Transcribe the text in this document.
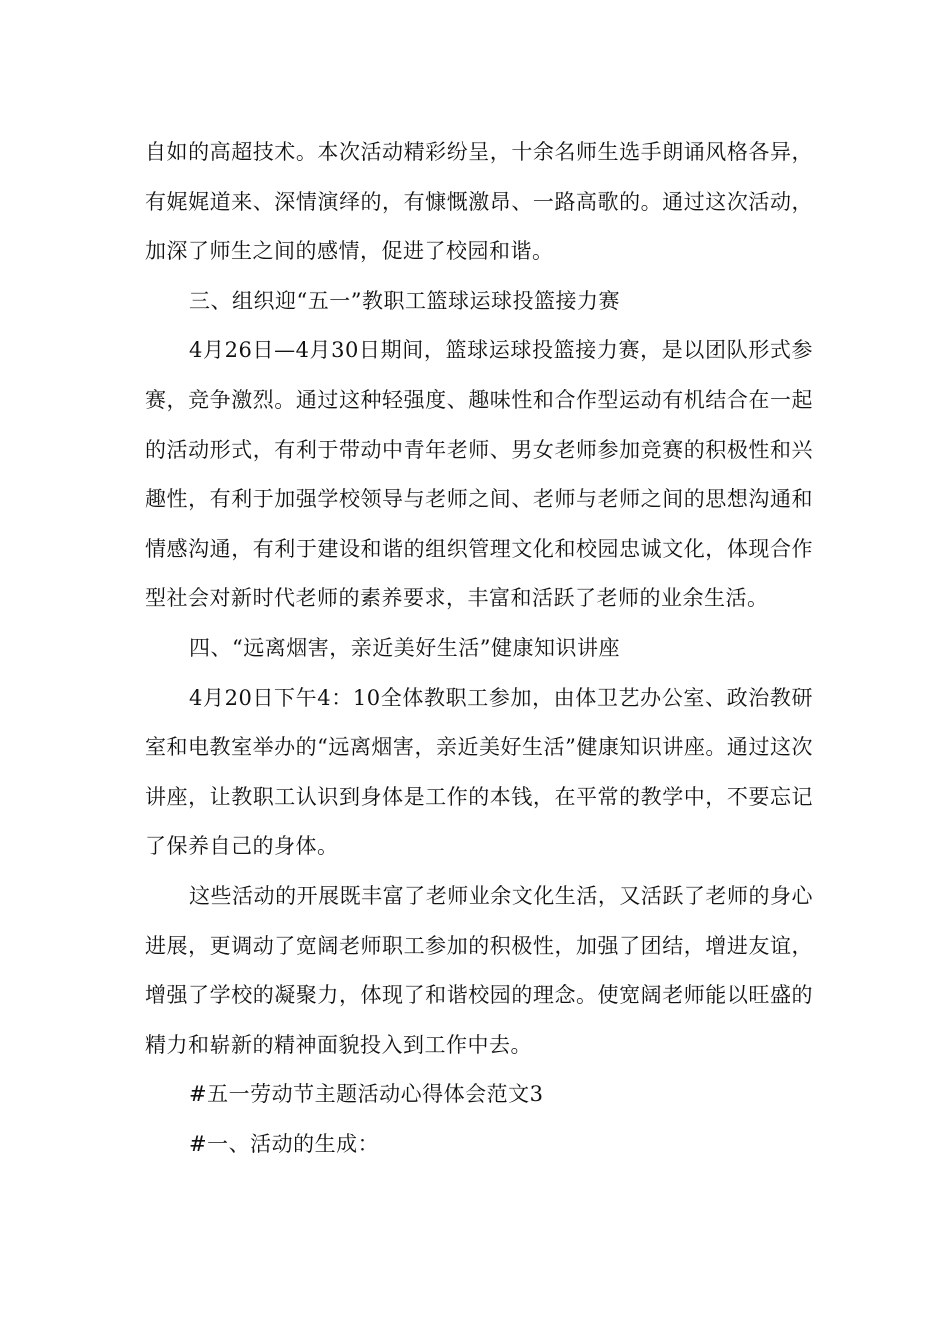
自如的高超技术。本次活动精彩纷呈，十余名师生选手朗诵风格各异，有娓娓道来、深情演绎的，有慷慨激昂、一路高歌的。通过这次活动，加深了师生之间的感情，促进了校园和谐。

三、组织迎“五一”教职工篮球运球投篮接力赛

4月26日—4月30日期间，篮球运球投篮接力赛，是以团队形式参赛，竞争激烈。通过这种轻强度、趣味性和合作型运动有机结合在一起的活动形式，有利于带动中青年老师、男女老师参加竞赛的积极性和兴趣性，有利于加强学校领导与老师之间、老师与老师之间的思想沟通和情感沟通，有利于建设和谐的组织管理文化和校园忠诚文化，体现合作型社会对新时代老师的素养要求，丰富和活跃了老师的业余生活。

四、“远离烟害，亲近美好生活”健康知识讲座

4月20日下午4：10全体教职工参加，由体卫艺办公室、政治教研室和电教室举办的“远离烟害，亲近美好生活”健康知识讲座。通过这次讲座，让教职工认识到身体是工作的本钱，在平常的教学中，不要忘记了保养自己的身体。

这些活动的开展既丰富了老师业余文化生活，又活跃了老师的身心进展，更调动了宽阔老师职工参加的积极性，加强了团结，增进友谊，增强了学校的凝聚力，体现了和谐校园的理念。使宽阔老师能以旺盛的精力和崭新的精神面貌投入到工作中去。

#五一劳动节主题活动心得体会范文3

#一、活动的生成：
